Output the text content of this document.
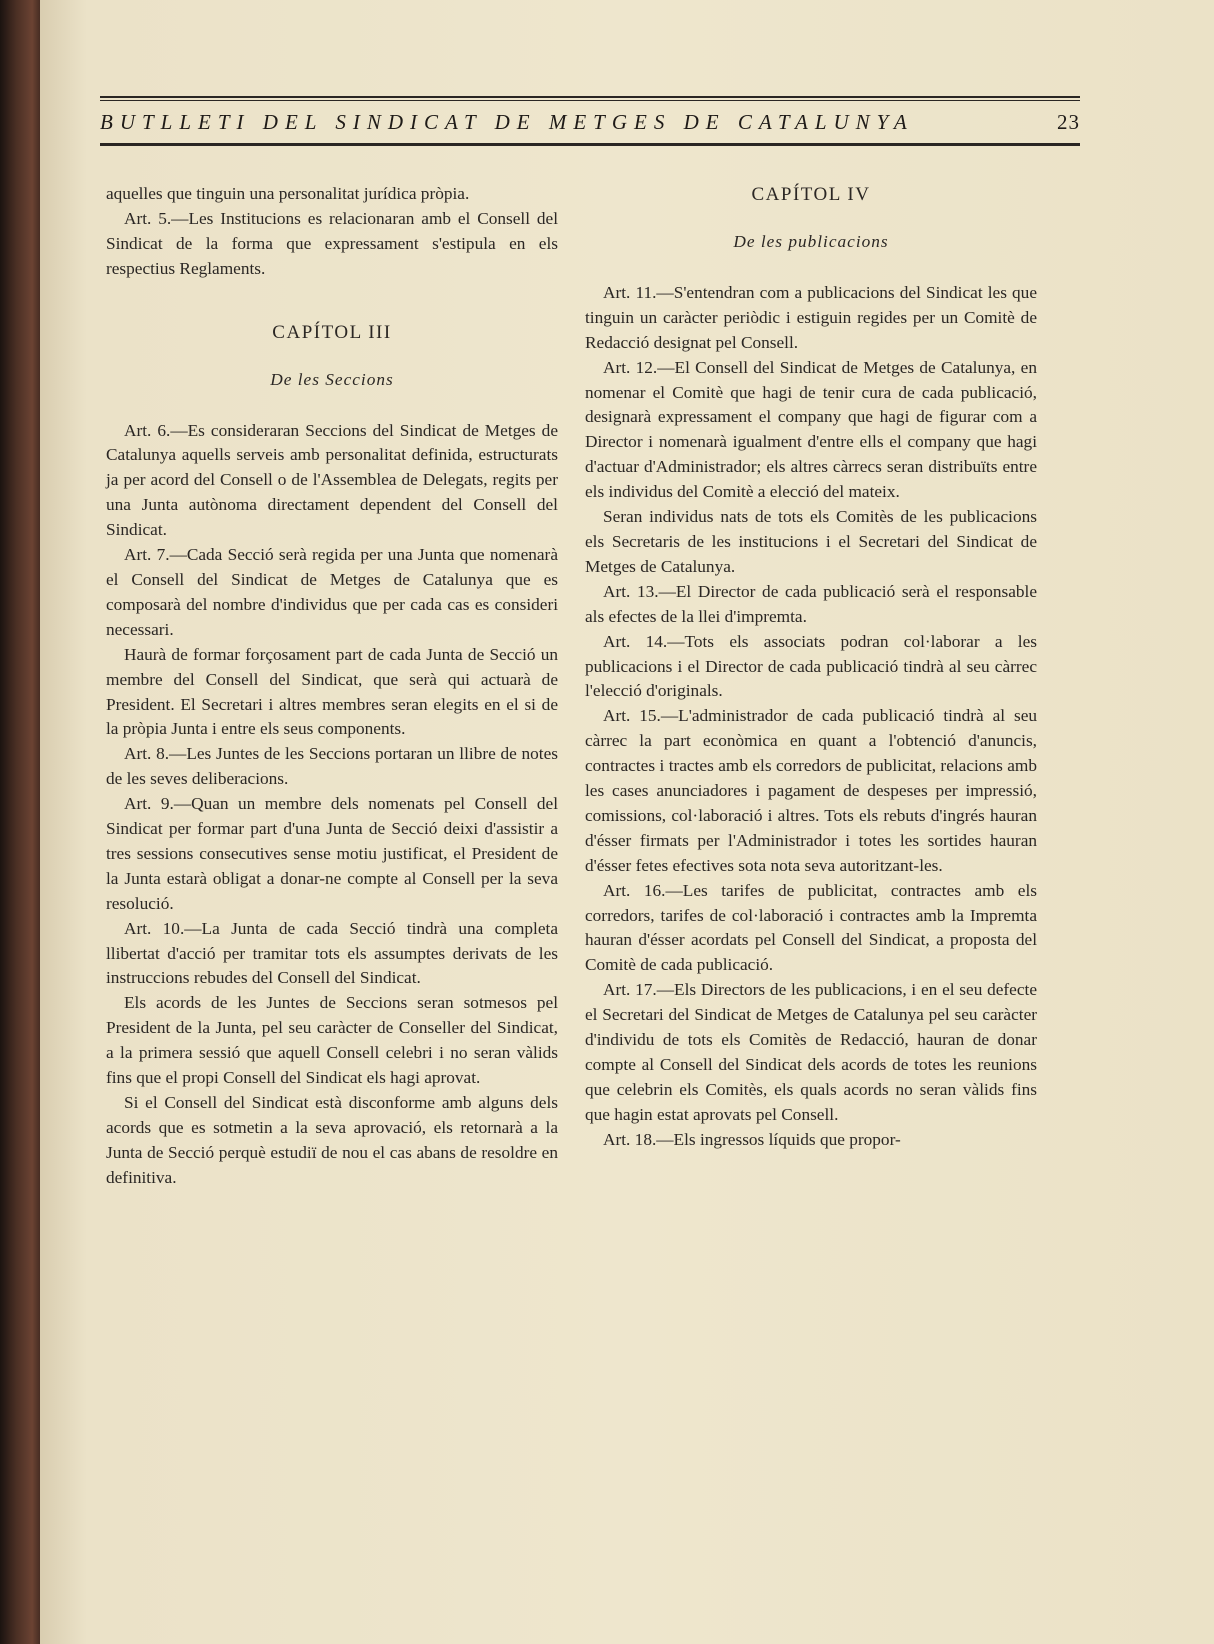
BUTLLETI DEL SINDICAT DE METGES DE CATALUNYA	23

aquelles que tinguin una personalitat jurídica pròpia.

Art. 5.—Les Institucions es relacionaran amb el Consell del Sindicat de la forma que expressament s'estipula en els respectius Reglaments.

CAPÍTOL III
De les Seccions

Art. 6.—Es consideraran Seccions del Sindicat de Metges de Catalunya aquells serveis amb personalitat definida, estructurats ja per acord del Consell o de l'Assemblea de Delegats, regits per una Junta autònoma directament dependent del Consell del Sindicat.

Art. 7.—Cada Secció serà regida per una Junta que nomenarà el Consell del Sindicat de Metges de Catalunya que es composarà del nombre d'individus que per cada cas es consideri necessari.

Haurà de formar forçosament part de cada Junta de Secció un membre del Consell del Sindicat, que serà qui actuarà de President. El Secretari i altres membres seran elegits en el si de la pròpia Junta i entre els seus components.

Art. 8.—Les Juntes de les Seccions portaran un llibre de notes de les seves deliberacions.

Art. 9.—Quan un membre dels nomenats pel Consell del Sindicat per formar part d'una Junta de Secció deixi d'assistir a tres sessions consecutives sense motiu justificat, el President de la Junta estarà obligat a donar-ne compte al Consell per la seva resolució.

Art. 10.—La Junta de cada Secció tindrà una completa llibertat d'acció per tramitar tots els assumptes derivats de les instruccions rebudes del Consell del Sindicat.

Els acords de les Juntes de Seccions seran sotmesos pel President de la Junta, pel seu caràcter de Conseller del Sindicat, a la primera sessió que aquell Consell celebri i no seran vàlids fins que el propi Consell del Sindicat els hagi aprovat.

Si el Consell del Sindicat està disconforme amb alguns dels acords que es sotmetin a la seva aprovació, els retornarà a la Junta de Secció perquè estudiï de nou el cas abans de resoldre en definitiva.

CAPÍTOL IV
De les publicacions

Art. 11.—S'entendran com a publicacions del Sindicat les que tinguin un caràcter periòdic i estiguin regides per un Comitè de Redacció designat pel Consell.

Art. 12.—El Consell del Sindicat de Metges de Catalunya, en nomenar el Comitè que hagi de tenir cura de cada publicació, designarà expressament el company que hagi de figurar com a Director i nomenarà igualment d'entre ells el company que hagi d'actuar d'Administrador; els altres càrrecs seran distribuïts entre els individus del Comitè a elecció del mateix.

Seran individus nats de tots els Comitès de les publicacions els Secretaris de les institucions i el Secretari del Sindicat de Metges de Catalunya.

Art. 13.—El Director de cada publicació serà el responsable als efectes de la llei d'impremta.

Art. 14.—Tots els associats podran col·laborar a les publicacions i el Director de cada publicació tindrà al seu càrrec l'elecció d'originals.

Art. 15.—L'administrador de cada publicació tindrà al seu càrrec la part econòmica en quant a l'obtenció d'anuncis, contractes i tractes amb els corredors de publicitat, relacions amb les cases anunciadores i pagament de despeses per impressió, comissions, col·laboració i altres. Tots els rebuts d'ingrés hauran d'ésser firmats per l'Administrador i totes les sortides hauran d'ésser fetes efectives sota nota seva autoritzant-les.

Art. 16.—Les tarifes de publicitat, contractes amb els corredors, tarifes de col·laboració i contractes amb la Impremta hauran d'ésser acordats pel Consell del Sindicat, a proposta del Comitè de cada publicació.

Art. 17.—Els Directors de les publicacions, i en el seu defecte el Secretari del Sindicat de Metges de Catalunya pel seu caràcter d'individu de tots els Comitès de Redacció, hauran de donar compte al Consell del Sindicat dels acords de totes les reunions que celebrin els Comitès, els quals acords no seran vàlids fins que hagin estat aprovats pel Consell.

Art. 18.—Els ingressos líquids que propor-
